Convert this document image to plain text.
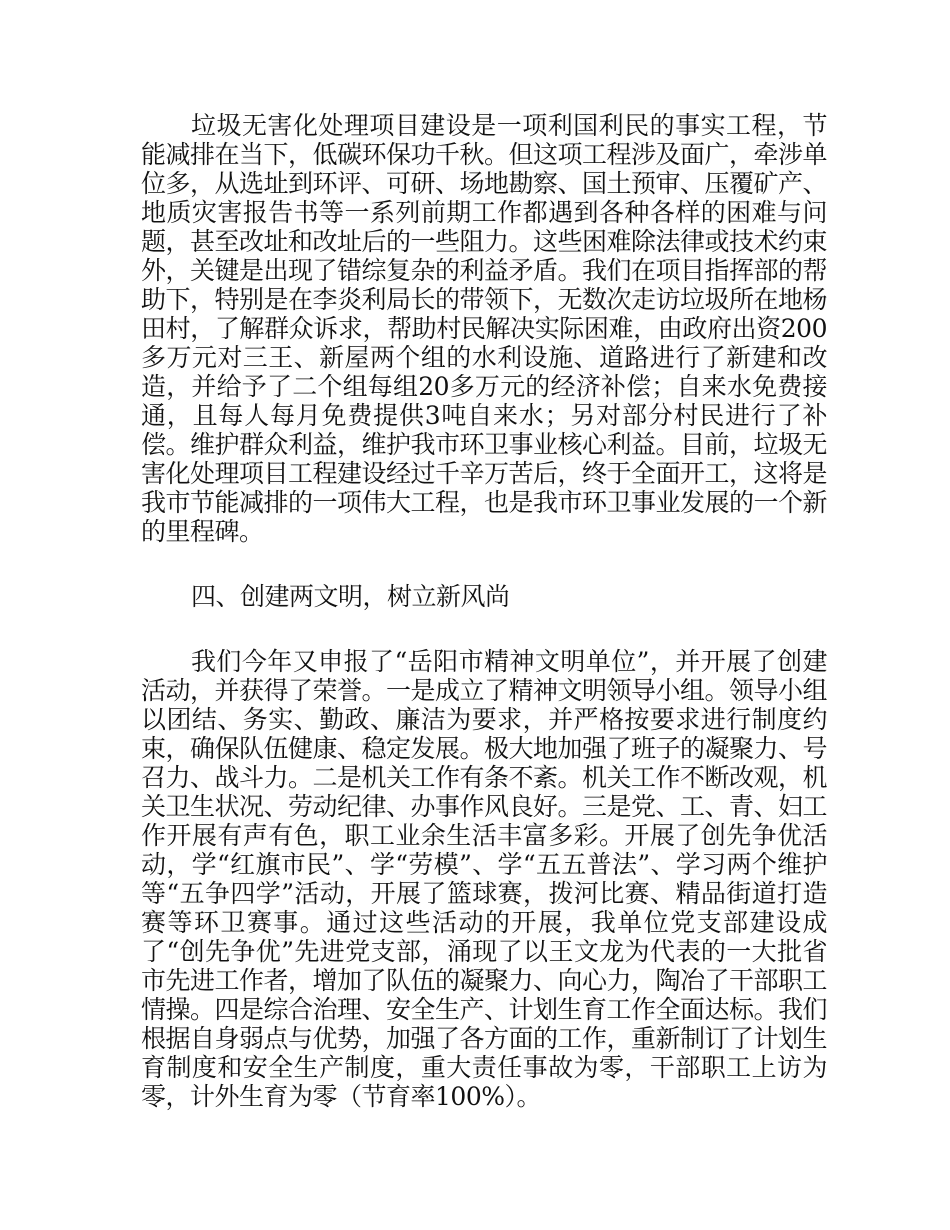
垃圾无害化处理项目建设是一项利国利民的事实工程，节能减排在当下，低碳环保功千秋。但这项工程涉及面广，牵涉单位多，从选址到环评、可研、场地勘察、国土预审、压覆矿产、地质灾害报告书等一系列前期工作都遇到各种各样的困难与问题，甚至改址和改址后的一些阻力。这些困难除法律或技术约束外，关键是出现了错综复杂的利益矛盾。我们在项目指挥部的帮助下，特别是在李炎利局长的带领下，无数次走访垃圾所在地杨田村，了解群众诉求，帮助村民解决实际困难，由政府出资200多万元对三王、新屋两个组的水利设施、道路进行了新建和改造，并给予了二个组每组20多万元的经济补偿；自来水免费接通，且每人每月免费提供3吨自来水；另对部分村民进行了补偿。维护群众利益，维护我市环卫事业核心利益。目前，垃圾无害化处理项目工程建设经过千辛万苦后，终于全面开工，这将是我市节能减排的一项伟大工程，也是我市环卫事业发展的一个新的里程碑。

四、创建两文明，树立新风尚

我们今年又申报了“岳阳市精神文明单位”，并开展了创建活动，并获得了荣誉。一是成立了精神文明领导小组。领导小组以团结、务实、勤政、廉洁为要求，并严格按要求进行制度约束，确保队伍健康、稳定发展。极大地加强了班子的凝聚力、号召力、战斗力。二是机关工作有条不紊。机关工作不断改观，机关卫生状况、劳动纪律、办事作风良好。三是党、工、青、妇工作开展有声有色，职工业余生活丰富多彩。开展了创先争优活动，学“红旗市民”、学“劳模”、学“五五普法”、学习两个维护等“五争四学”活动，开展了篮球赛，拨河比赛、精品街道打造赛等环卫赛事。通过这些活动的开展，我单位党支部建设成了“创先争优”先进党支部，涌现了以王文龙为代表的一大批省市先进工作者，增加了队伍的凝聚力、向心力，陶冶了干部职工情操。四是综合治理、安全生产、计划生育工作全面达标。我们根据自身弱点与优势，加强了各方面的工作，重新制订了计划生育制度和安全生产制度，重大责任事故为零，干部职工上访为零，计外生育为零（节育率100%）。
